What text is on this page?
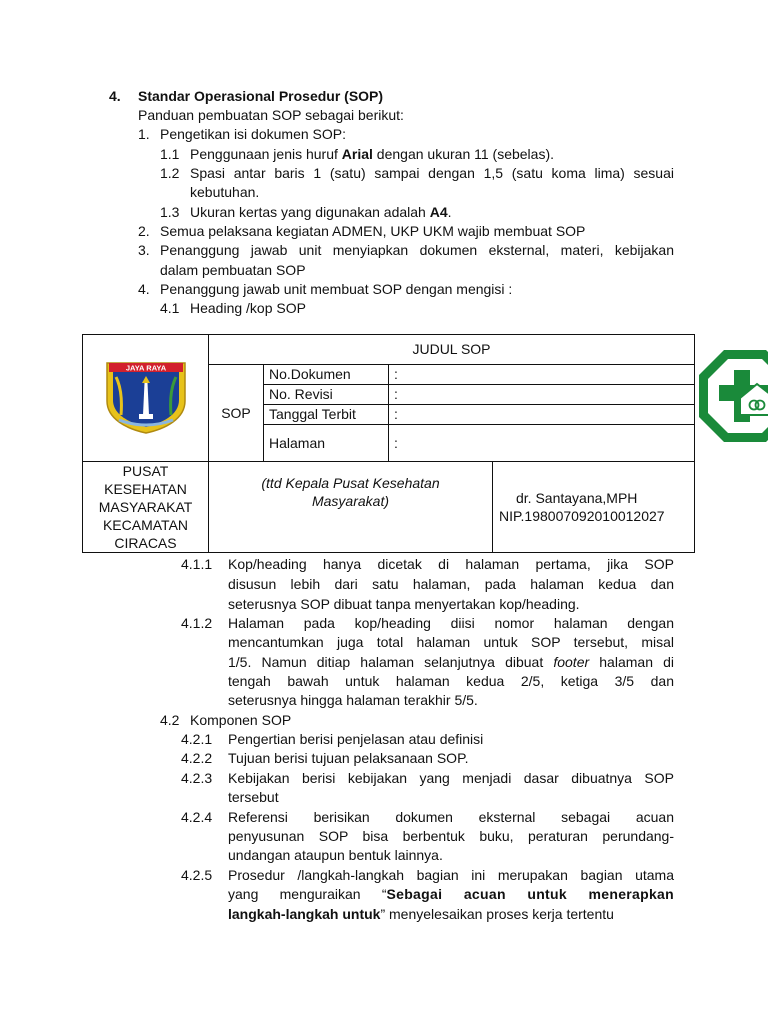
4. Standar Operasional Prosedur (SOP)
Panduan pembuatan SOP sebagai berikut:
1. Pengetikan isi dokumen SOP:
1.1 Penggunaan jenis huruf Arial dengan ukuran 11 (sebelas).
1.2 Spasi antar baris 1 (satu) sampai dengan 1,5 (satu koma lima) sesuai
kebutuhan.
1.3 Ukuran kertas yang digunakan adalah A4.
2. Semua pelaksana kegiatan ADMEN, UKP UKM wajib membuat SOP
3. Penanggung jawab unit menyiapkan dokumen eksternal, materi, kebijakan
dalam pembuatan SOP
4. Penanggung jawab unit membuat SOP dengan mengisi :
4.1 Heading /kop SOP
JAYA RAYA
	JUDUL SOP	

SOP	
No.Dokumen	:
No. Revisi	:
Tanggal Terbit	:
Halaman	:

PUSAT
KESEHATAN
MASYARAKAT
KECAMATAN
CIRACAS

(ttd Kepala Pusat Kesehatan
Masyarakat)	dr. Santayana,MPH
NIP.198007092010012027
4.1.1 Kop/heading hanya dicetak di halaman pertama, jika SOP
disusun lebih dari satu halaman, pada halaman kedua dan
seterusnya SOP dibuat tanpa menyertakan kop/heading.
4.1.2 Halaman pada kop/heading diisi nomor halaman dengan
mencantumkan juga total halaman untuk SOP tersebut, misal
1/5. Namun ditiap halaman selanjutnya dibuat footer halaman di
tengah bawah untuk halaman kedua 2/5, ketiga 3/5 dan
seterusnya hingga halaman terakhir 5/5.
4.2 Komponen SOP
4.2.1 Pengertian berisi penjelasan atau definisi
4.2.2 Tujuan berisi tujuan pelaksanaan SOP.
4.2.3 Kebijakan berisi kebijakan yang menjadi dasar dibuatnya SOP
tersebut
4.2.4 Referensi berisikan dokumen eksternal sebagai acuan
penyusunan SOP bisa berbentuk buku, peraturan perundang-
undangan ataupun bentuk lainnya.
4.2.5 Prosedur /langkah-langkah bagian ini merupakan bagian utama
yang menguraikan “Sebagai acuan untuk menerapkan
langkah-langkah untuk” menyelesaikan proses kerja tertentu
